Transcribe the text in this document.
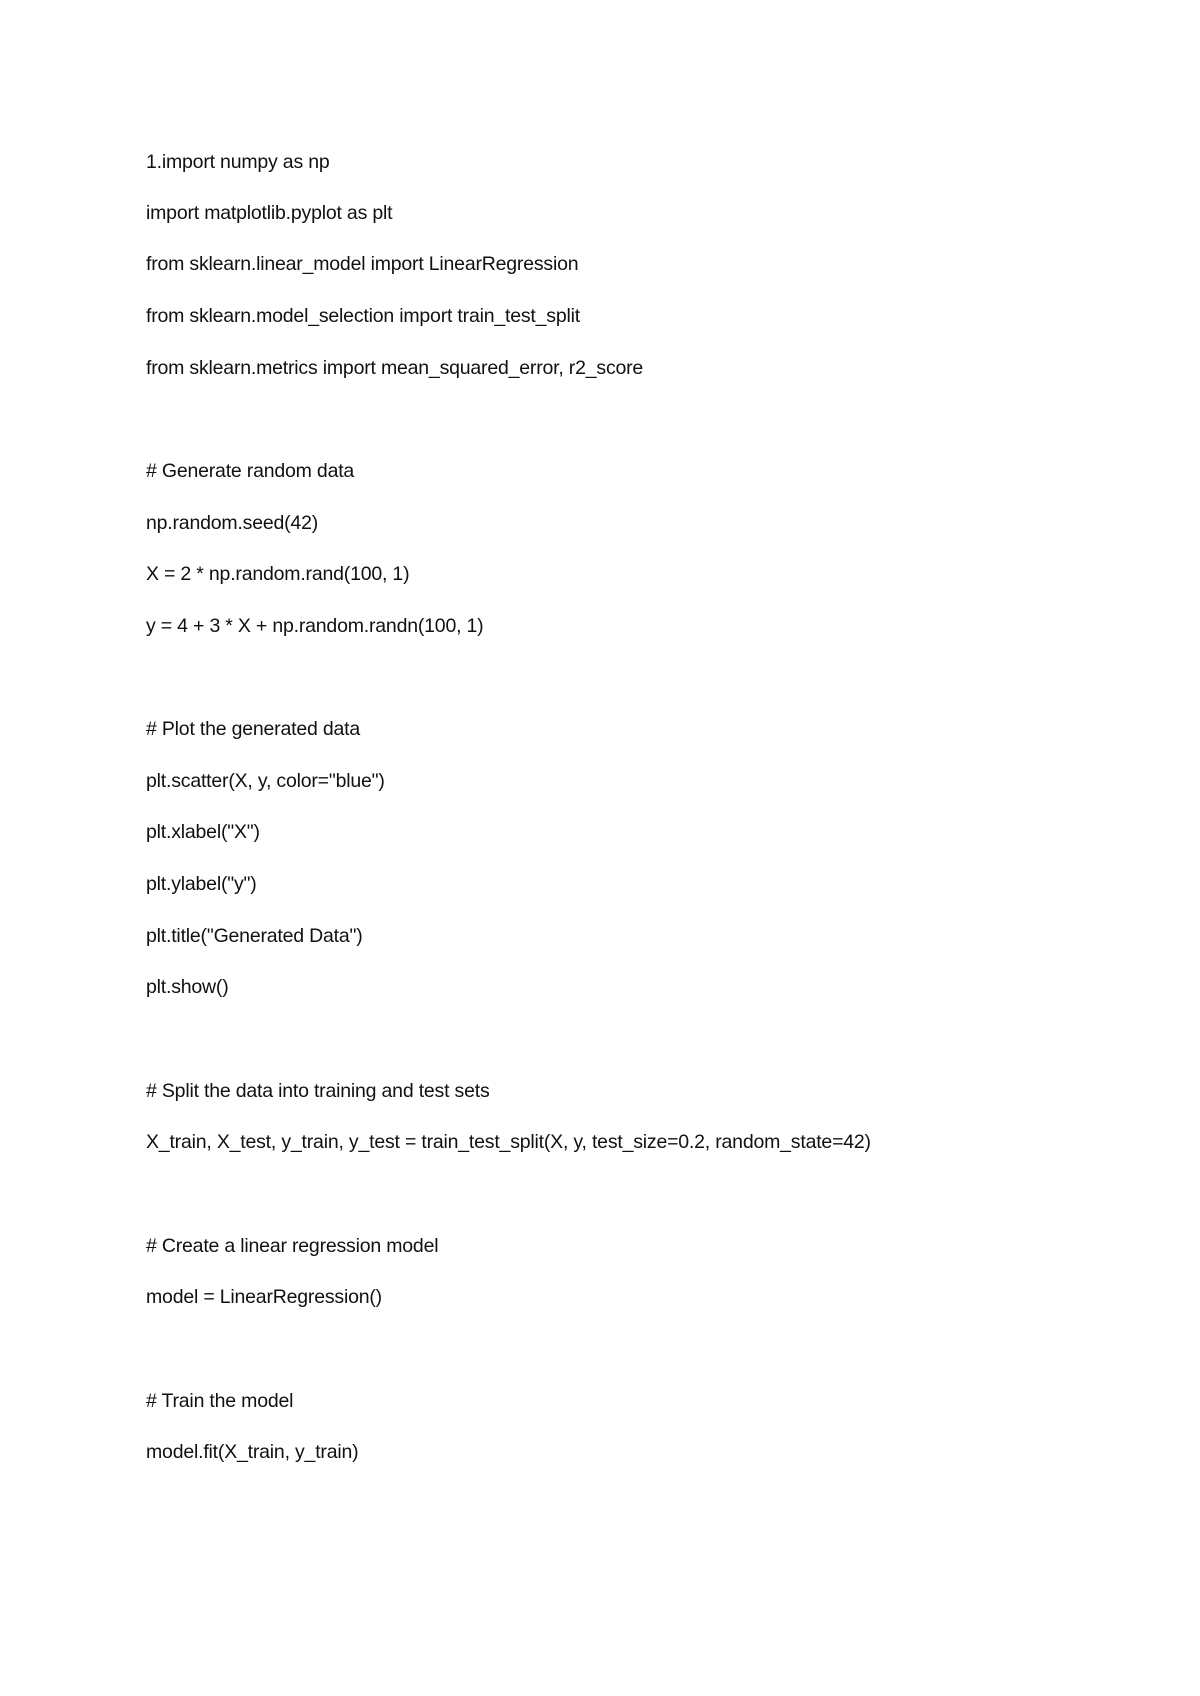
1.import numpy as np
import matplotlib.pyplot as plt
from sklearn.linear_model import LinearRegression
from sklearn.model_selection import train_test_split
from sklearn.metrics import mean_squared_error, r2_score
# Generate random data
np.random.seed(42)
X = 2 * np.random.rand(100, 1)
y = 4 + 3 * X + np.random.randn(100, 1)
# Plot the generated data
plt.scatter(X, y, color="blue")
plt.xlabel("X")
plt.ylabel("y")
plt.title("Generated Data")
plt.show()
# Split the data into training and test sets
X_train, X_test, y_train, y_test = train_test_split(X, y, test_size=0.2, random_state=42)
# Create a linear regression model
model = LinearRegression()
# Train the model
model.fit(X_train, y_train)
